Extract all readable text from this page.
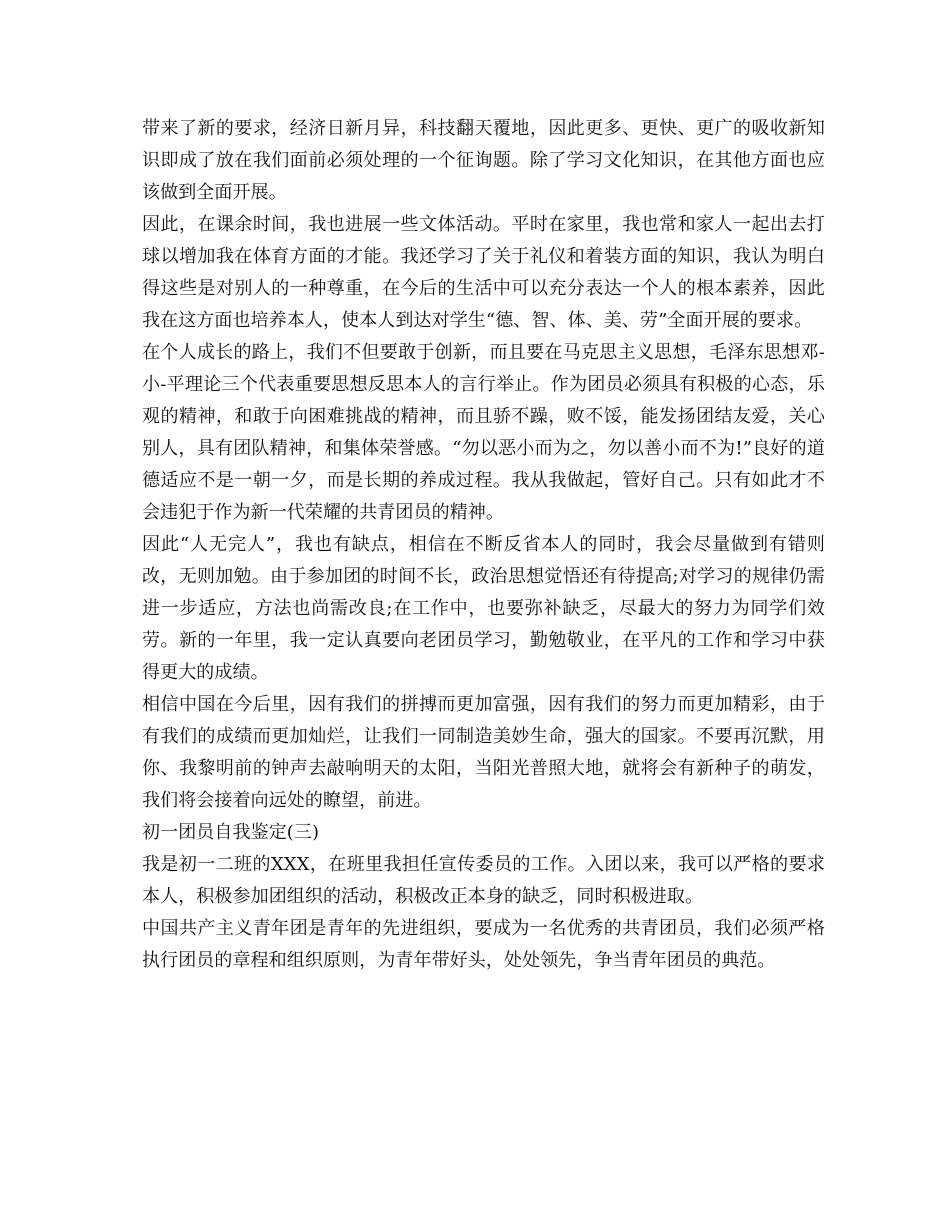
带来了新的要求，经济日新月异，科技翻天覆地，因此更多、更快、更广的吸收新知识即成了放在我们面前必须处理的一个征询题。除了学习文化知识，在其他方面也应该做到全面开展。

因此，在课余时间，我也进展一些文体活动。平时在家里，我也常和家人一起出去打球以增加我在体育方面的才能。我还学习了关于礼仪和着装方面的知识，我认为明白得这些是对别人的一种尊重，在今后的生活中可以充分表达一个人的根本素养，因此我在这方面也培养本人，使本人到达对学生“德、智、体、美、劳”全面开展的要求。

在个人成长的路上，我们不但要敢于创新，而且要在马克思主义思想，毛泽东思想邓-小-平理论三个代表重要思想反思本人的言行举止。作为团员必须具有积极的心态，乐观的精神，和敢于向困难挑战的精神，而且骄不躁，败不馁，能发扬团结友爱，关心别人，具有团队精神，和集体荣誉感。“勿以恶小而为之，勿以善小而不为!”良好的道德适应不是一朝一夕，而是长期的养成过程。我从我做起，管好自己。只有如此才不会违犯于作为新一代荣耀的共青团员的精神。

因此“人无完人”，我也有缺点，相信在不断反省本人的同时，我会尽量做到有错则改，无则加勉。由于参加团的时间不长，政治思想觉悟还有待提高;对学习的规律仍需进一步适应，方法也尚需改良;在工作中，也要弥补缺乏，尽最大的努力为同学们效劳。新的一年里，我一定认真要向老团员学习，勤勉敬业，在平凡的工作和学习中获得更大的成绩。

相信中国在今后里，因有我们的拼搏而更加富强，因有我们的努力而更加精彩，由于有我们的成绩而更加灿烂，让我们一同制造美妙生命，强大的国家。不要再沉默，用你、我黎明前的钟声去敲响明天的太阳，当阳光普照大地，就将会有新种子的萌发，我们将会接着向远处的瞭望，前进。

初一团员自我鉴定(三)

我是初一二班的XXX，在班里我担任宣传委员的工作。入团以来，我可以严格的要求本人，积极参加团组织的活动，积极改正本身的缺乏，同时积极进取。

中国共产主义青年团是青年的先进组织，要成为一名优秀的共青团员，我们必须严格执行团员的章程和组织原则，为青年带好头，处处领先，争当青年团员的典范。
